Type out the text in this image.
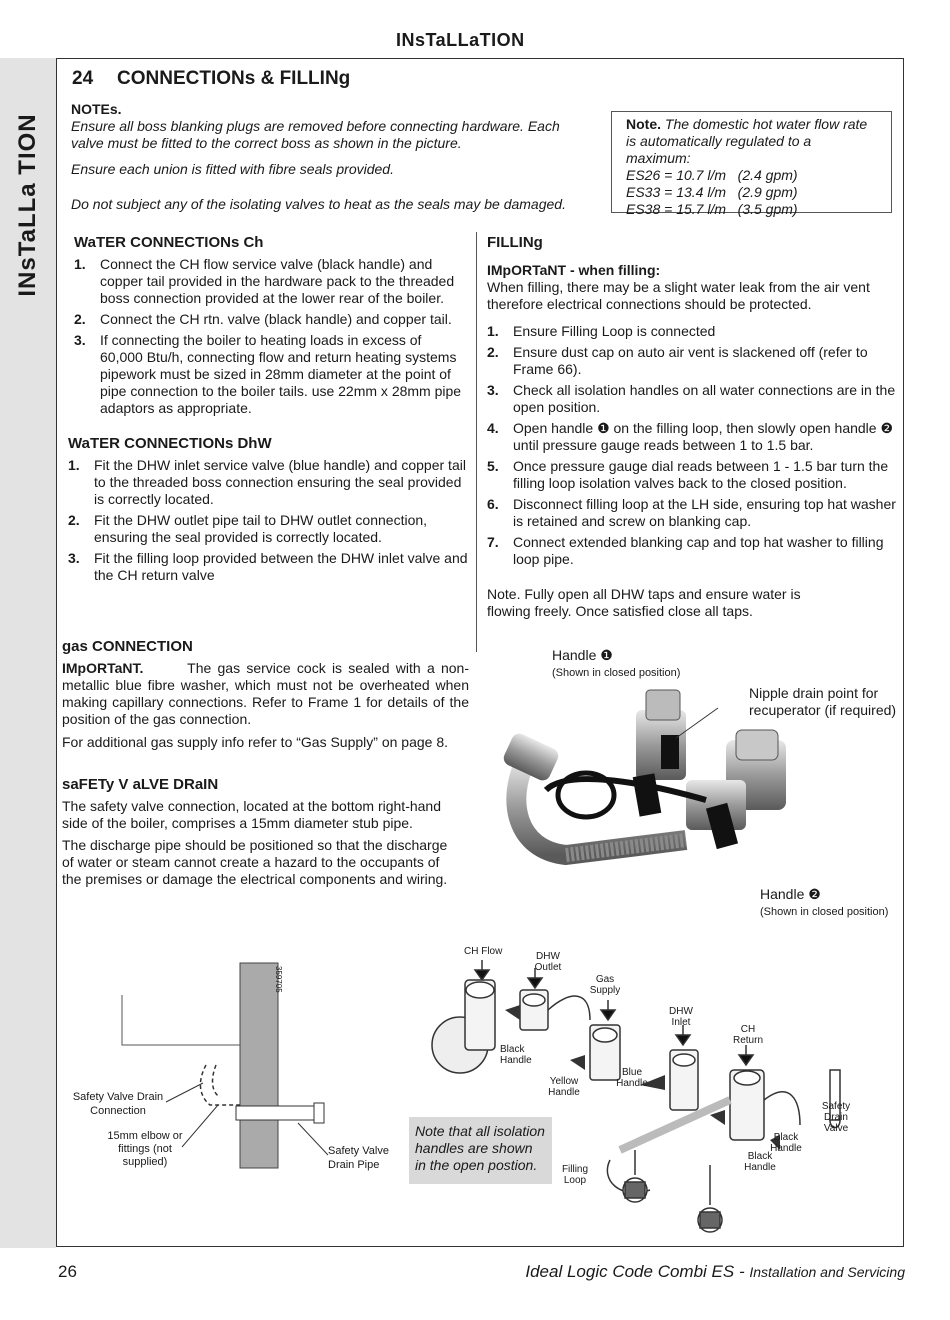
INsTaLLaTION
INsTaLLa TION
24 CONNECTIONs & FILLINg
NOTEs.
Ensure all boss blanking plugs are removed before connecting hardware. Each valve must be fitted to the correct boss as shown in the picture.
Ensure each union is fitted with fibre seals provided.
Do not subject any of the isolating valves to heat as the seals may be damaged.
Note. The domestic hot water flow rate is automatically regulated to a maximum:
ES26 = 10.7 l/m   (2.4 gpm)
ES33 = 13.4 l/m   (2.9 gpm)
ES38 = 15.7 l/m   (3.5 gpm)
WaTER CONNECTIONs Ch
1. Connect the CH flow service valve (black handle) and copper tail provided in the hardware pack to the threaded boss connection provided at the lower rear of the boiler.
2. Connect the CH rtn. valve (black handle) and copper tail.
3. If connecting the boiler to heating loads in excess of 60,000 Btu/h, connecting flow and return heating systems pipework must be sized in 28mm diameter at the point of pipe connection to the boiler tails. use 22mm x 28mm pipe adaptors as appropriate.
WaTER CONNECTIONs DhW
1. Fit the DHW inlet service valve (blue handle) and copper tail to the threaded boss connection ensuring the seal provided is correctly located.
2. Fit the DHW outlet pipe tail to DHW outlet connection, ensuring the seal provided is correctly located.
3. Fit the filling loop provided between the DHW inlet valve and the CH return valve
FILLINg
IMpORTaNT - when filling:
When filling, there may be a slight water leak from the air vent therefore electrical connections should be protected.
1. Ensure Filling Loop is connected
2. Ensure dust cap on auto air vent is slackened off (refer to Frame 66).
3. Check all isolation handles on all water connections are in the open position.
4. Open handle ❶ on the filling loop, then slowly open handle ❷ until pressure gauge reads between 1 to 1.5 bar.
5. Once pressure gauge dial reads between 1 - 1.5 bar turn the filling loop isolation valves back to the closed position.
6. Disconnect filling loop at the LH side, ensuring top hat washer is retained and screw on blanking cap.
7. Connect extended blanking cap and top hat washer to filling loop pipe.
Note. Fully open all DHW taps and ensure water is flowing freely. Once satisfied close all taps.
gas CONNECTION
IMpORTaNT.	The gas service cock is sealed with a non-metallic blue fibre washer, which must not be overheated when making capillary connections. Refer to Frame 1 for details of the position of the gas connection.
For additional gas supply info refer to “Gas Supply” on page 8.
saFETy V aLVE DRaIN
The safety valve connection, located at the bottom right-hand side of the boiler, comprises a 15mm diameter stub pipe.
The discharge pipe should be positioned so that the discharge of water or steam cannot create a hazard to the occupants of the premises or damage the electrical components and wiring.
Handle ❶
(Shown in closed position)
Nipple drain point for recuperator (if required)
Handle ❷
(Shown in closed position)
359705
Safety Valve Drain Connection
15mm elbow or fittings (not supplied)
Safety Valve Drain Pipe
CH Flow	DHW Outlet
Gas Supply
DHW Inlet
CH Return
Black Handle
Yellow Handle
Blue Handle
Black Handle
Black Handle
Filling Loop
Safety Drain Valve
Note that all isolation handles are shown in the open postion.
26	Ideal Logic Code Combi ES - Installation and Servicing
